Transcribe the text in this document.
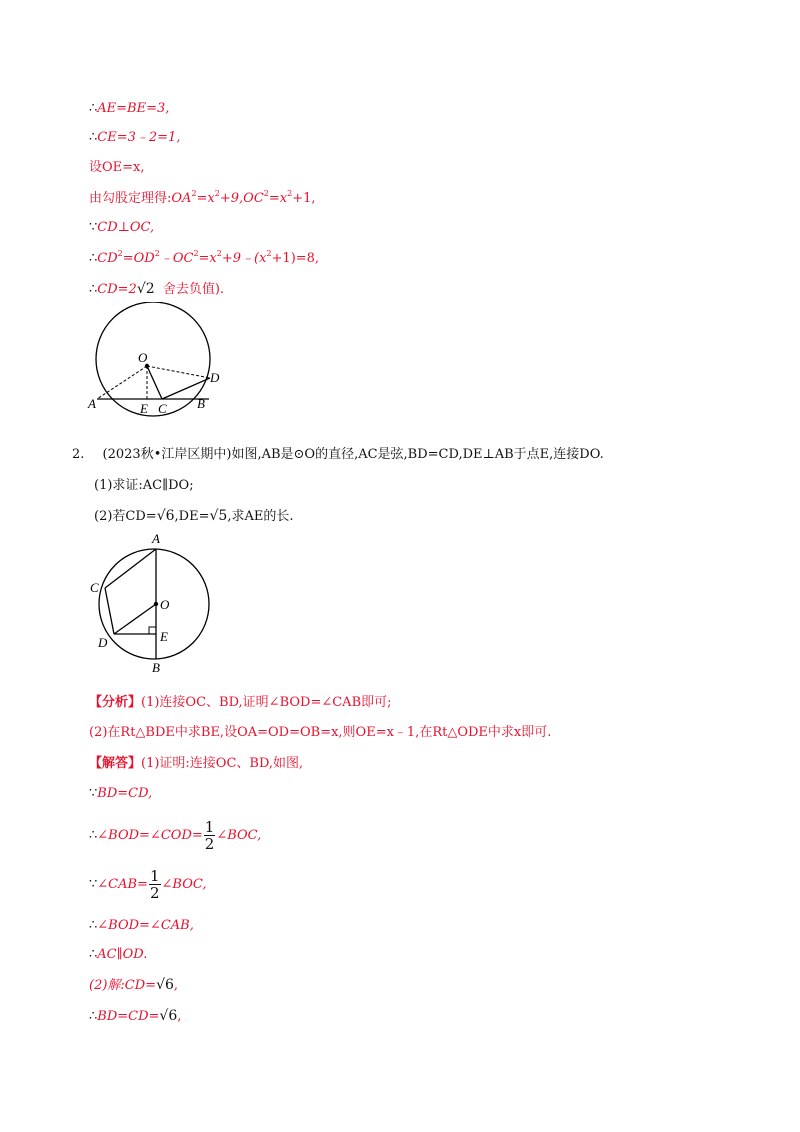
∴AE=BE=3,
∴CE=3﹣2=1,
设OE=x,
由勾股定理得$:OA^2=x^2+9,OC^2=x^2+1$,
∵CD⊥OC,
$\therefore CD^2=OD^2﹣OC^2=x^2+9﹣(x^2+1)=8$,
∴CD=2√2 舍去负值).
O
D
A	E C B
2. (2023秋•江岸区期中)如图,AB是⊙O的直径,AC是弦,BD=CD,DE⊥AB于点E,连接DO.
(1)求证:AC∥DO;
(2)若CD=√6,DE=√5,求AE的长.
A
C
O
D	E
B
【分析】(1)连接OC、BD,证明∠BOD=∠CAB即可;
(2)在Rt△BDE中求BE,设OA=OD=OB=x,则OE=x﹣1,在Rt△ODE中求x即可.
【解答】(1)证明:连接OC、BD,如图,
∵BD=CD,
∴∠BOD=∠COD= $\frac{1}{2}$ ∠BOC,
∵∠CAB= $\frac{1}{2}$ ∠BOC,
∴∠BOD=∠CAB,
∴AC∥OD.
(2)解:CD=√6,
∴BD=CD=√6,
